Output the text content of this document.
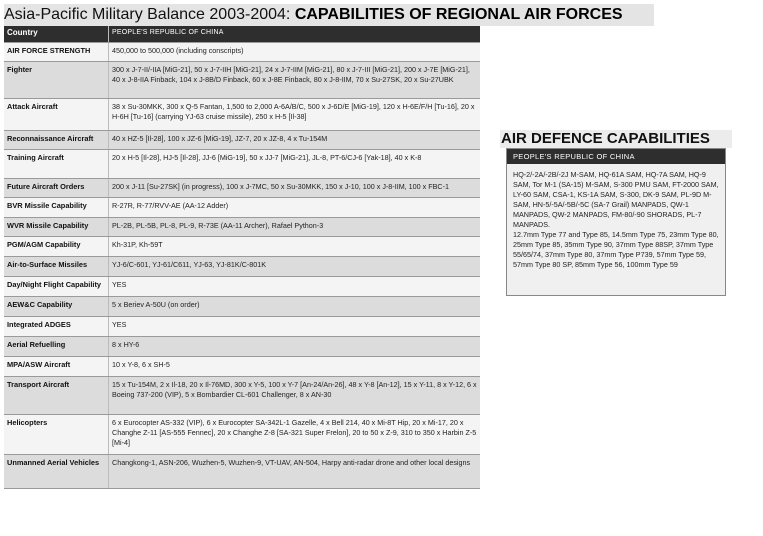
Asia-Pacific Military Balance 2003-2004: CAPABILITIES OF REGIONAL AIR FORCES
Country	PEOPLE'S REPUBLIC OF CHINA
AIR FORCE STRENGTH	450,000 to 500,000 (including conscripts)
Fighter	300 x J-7-II/-IIA [MiG-21], 50 x J-7-IIH [MiG-21], 24 x J-7-IIM [MiG-21], 80 x J-7-III [MiG-21], 200 x J-7E [MiG-21], 40 x J-8-IIA Finback, 104 x J-8B/D Finback, 60 x J-8E Finback, 80 x J-8-IIM, 70 x Su-27SK, 20 x Su-27UBK
Attack Aircraft	38 x Su-30MKK, 300 x Q-5 Fantan, 1,500 to 2,000 A-6A/B/C, 500 x J-6D/E [MiG-19], 120 x H-6E/F/H [Tu-16], 20 x H-6H [Tu-16] (carrying YJ-63 cruise missile), 250 x H-5 [Il-38]
Reconnaissance Aircraft	40 x HZ-5 [Il-28], 100 x JZ-6 [MiG-19], JZ-7, 20 x JZ-8, 4 x Tu-154M
Training Aircraft	20 x H-5 [Il-28], HJ-5 [Il-28], JJ-6 [MiG-19], 50 x JJ-7 [MiG-21], JL-8, PT-6/CJ-6 [Yak-18], 40 x K-8
Future Aircraft Orders	200 x J-11 [Su-27SK] (in progress), 100 x J-7MC, 50 x Su-30MKK, 150 x J-10, 100 x J-8-IIM, 100 x FBC-1
BVR Missile Capability	R-27R, R-77/RVV-AE (AA-12 Adder)
WVR Missile Capability	PL-2B, PL-5B, PL-8, PL-9, R-73E (AA-11 Archer), Rafael Python-3
PGM/AGM Capability	Kh-31P, Kh-59T
Air-to-Surface Missiles	YJ-6/C-601, YJ-61/C611, YJ-63, YJ-81K/C-801K
Day/Night Flight Capability	YES
AEW&C Capability	5 x Beriev A-50U (on order)
Integrated ADGES	YES
Aerial Refuelling	8 x HY-6
MPA/ASW Aircraft	10 x Y-8, 6 x SH-5
Transport Aircraft	15 x Tu-154M, 2 x Il-18, 20 x Il-76MD, 300 x Y-5, 100 x Y-7 [An-24/An-26], 48 x Y-8 [An-12], 15 x Y-11, 8 x Y-12, 6 x Boeing 737-200 (VIP), 5 x Bombardier CL-601 Challenger, 8 x AN-30
Helicopters	6 x Eurocopter AS-332 (VIP), 6 x Eurocopter SA-342L-1 Gazelle, 4 x Bell 214, 40 x Mi-8T Hip, 20 x Mi-17, 20 x Changhe Z-11 [AS-555 Fennec], 20 x Changhe Z-8 [SA-321 Super Frelon], 20 to 50 x Z-9, 310 to 350 x Harbin Z-5 [Mi-4]
Unmanned Aerial Vehicles	Changkong-1, ASN-206, Wuzhen-5, Wuzhen-9, VT-UAV, AN-504, Harpy anti-radar drone and other local designs
AIR DEFENCE CAPABILITIES
PEOPLE'S REPUBLIC OF CHINA
HQ-2/-2A/-2B/-2J M-SAM, HQ-61A SAM, HQ-7A SAM, HQ-9 SAM, Tor M-1 (SA-15) M-SAM, S-300 PMU SAM, FT-2000 SAM, LY-60 SAM, CSA-1, KS-1A SAM, S-300, DK-9 SAM, PL-9D M-SAM, HN-5/-5A/-5B/-5C (SA-7 Grail) MANPADS, QW-1 MANPADS, QW-2 MANPADS, FM-80/-90 SHORADS, PL-7 MANPADS.
12.7mm Type 77 and Type 85, 14.5mm Type 75, 23mm Type 80, 25mm Type 85, 35mm Type 90, 37mm Type 88SP, 37mm Type 55/65/74, 37mm Type 80, 37mm Type P739, 57mm Type 59, 57mm Type 80 SP, 85mm Type 56, 100mm Type 59
